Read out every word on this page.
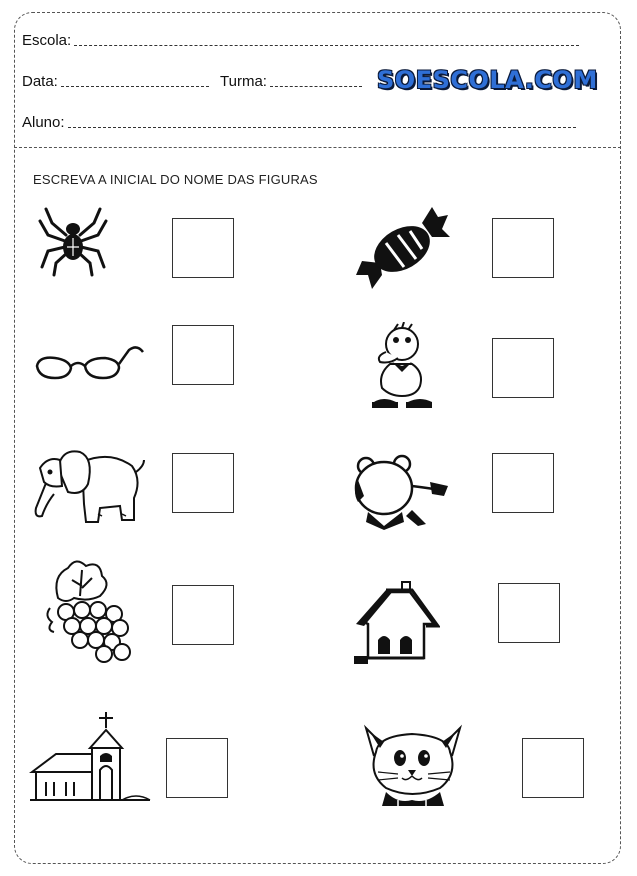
Escola:
Data:	Turma:	SOESCOLA.COM
Aluno:
ESCREVA A INICIAL DO NOME DAS FIGURAS
